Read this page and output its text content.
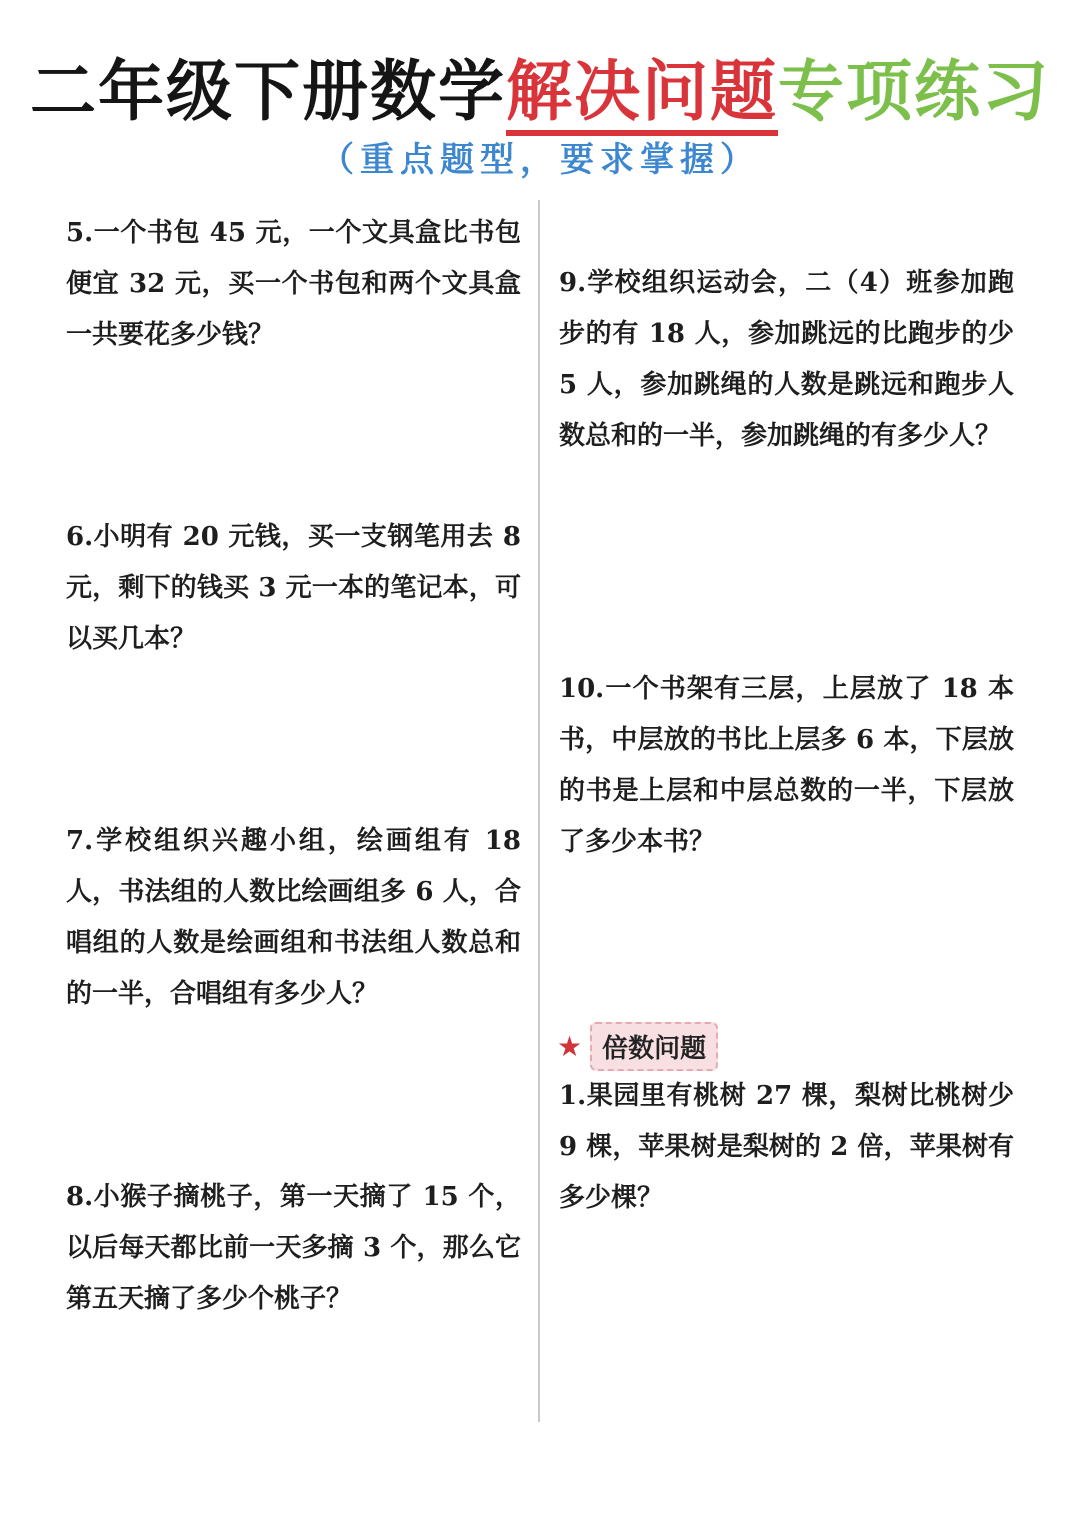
二年级下册数学解决问题专项练习
（重点题型，要求掌握）

5.一个书包 45 元，一个文具盒比书包便宜 32 元，买一个书包和两个文具盒一共要花多少钱？

6.小明有 20 元钱，买一支钢笔用去 8 元，剩下的钱买 3 元一本的笔记本，可以买几本？

7.学校组织兴趣小组，绘画组有 18 人，书法组的人数比绘画组多 6 人，合唱组的人数是绘画组和书法组人数总和的一半，合唱组有多少人？

8.小猴子摘桃子，第一天摘了 15 个，以后每天都比前一天多摘 3 个，那么它第五天摘了多少个桃子？

9.学校组织运动会，二（4）班参加跑步的有 18 人，参加跳远的比跑步的少 5 人，参加跳绳的人数是跳远和跑步人数总和的一半，参加跳绳的有多少人？

10.一个书架有三层，上层放了 18 本书，中层放的书比上层多 6 本，下层放的书是上层和中层总数的一半，下层放了多少本书？

★ 倍数问题

1.果园里有桃树 27 棵，梨树比桃树少 9 棵，苹果树是梨树的 2 倍，苹果树有多少棵？
